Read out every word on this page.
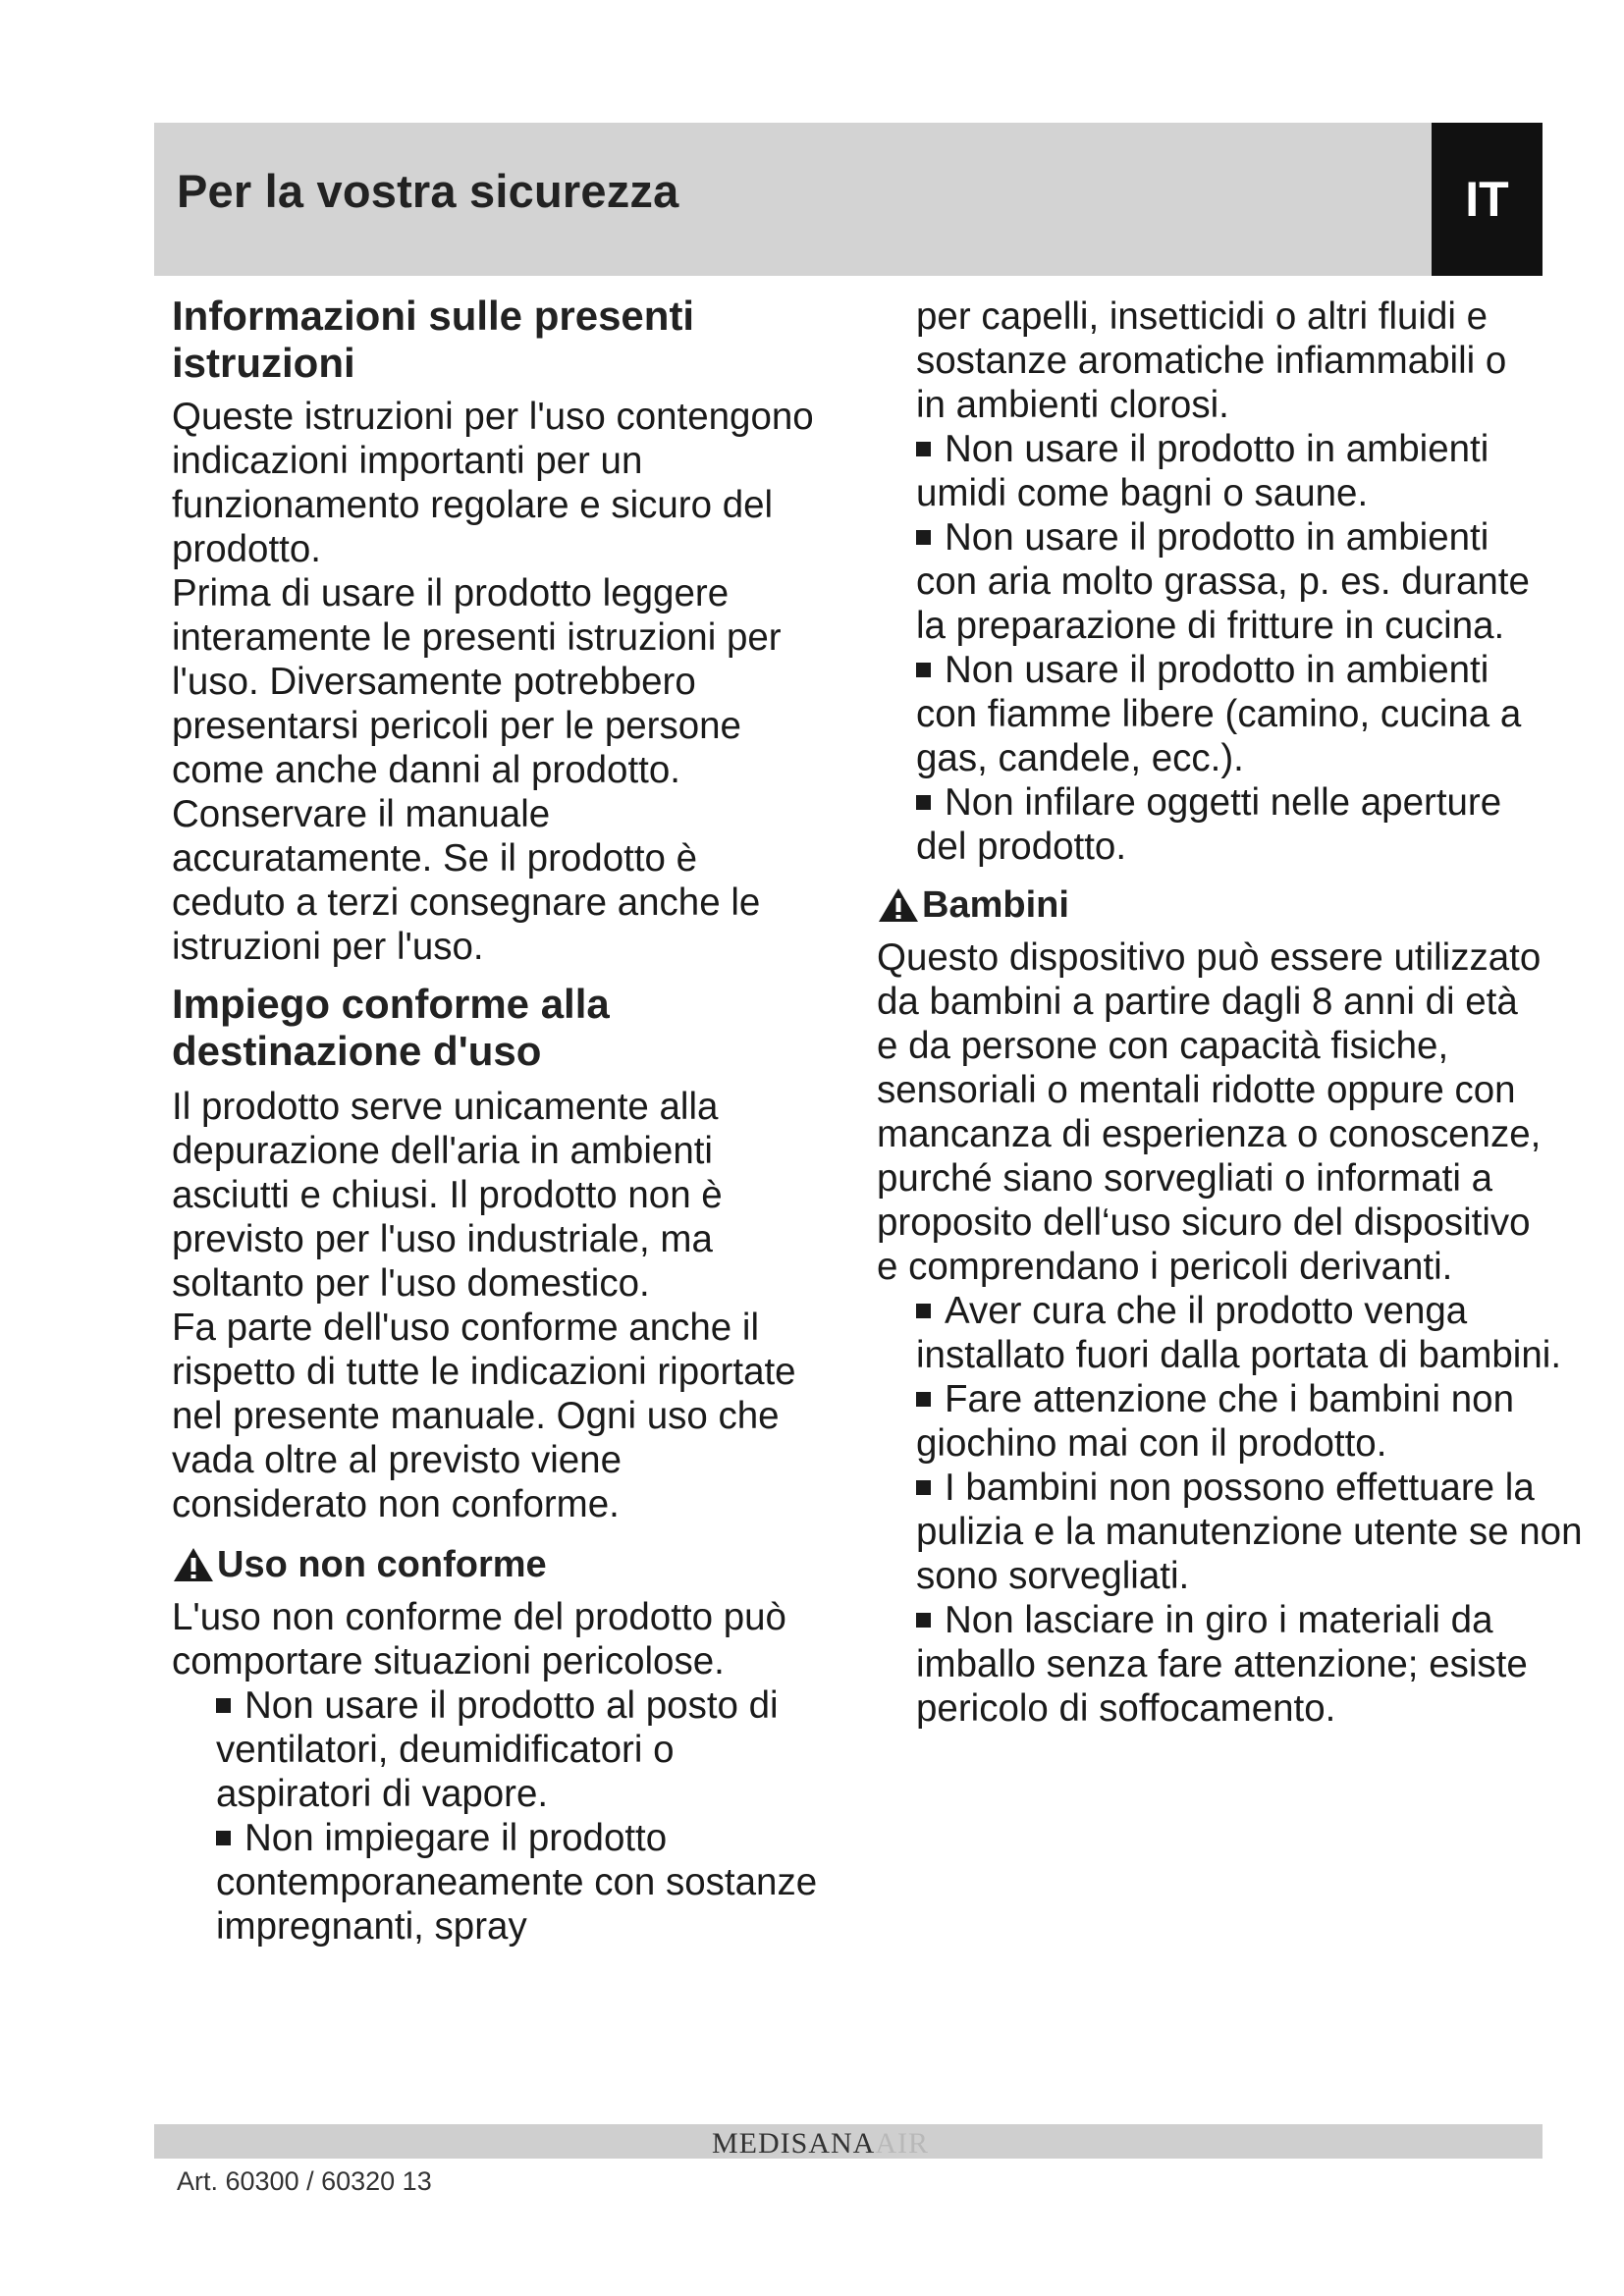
Per la vostra sicurezza	IT
Informazioni sulle presenti istruzioni

Queste istruzioni per l'uso contengono indicazioni importanti per un funzionamento regolare e sicuro del prodotto.

Prima di usare il prodotto leggere interamente le presenti istruzioni per l'uso. Diversamente potrebbero presentarsi pericoli per le persone come anche danni al prodotto.

Conservare il manuale accuratamente. Se il prodotto è ceduto a terzi consegnare anche le istruzioni per l'uso.

Impiego conforme alla destinazione d'uso

Il prodotto serve unicamente alla depurazione dell'aria in ambienti asciutti e chiusi. Il prodotto non è previsto per l'uso industriale, ma soltanto per l'uso domestico.

Fa parte dell'uso conforme anche il rispetto di tutte le indicazioni riportate nel presente manuale. Ogni uso che vada oltre al previsto viene considerato non conforme.

Uso non conforme

L'uso non conforme del prodotto può comportare situazioni pericolose.

Non usare il prodotto al posto di ventilatori, deumidificatori o aspiratori di vapore.
Non impiegare il prodotto contemporaneamente con sostanze impregnanti, spray

per capelli, insetticidi o altri fluidi e sostanze aromatiche infiammabili o in ambienti clorosi.

Non usare il prodotto in ambienti umidi come bagni o saune.
Non usare il prodotto in ambienti con aria molto grassa, p. es. durante la preparazione di fritture in cucina.
Non usare il prodotto in ambienti con fiamme libere (camino, cucina a gas, candele, ecc.).
Non infilare oggetti nelle aperture del prodotto.
Bambini

Questo dispositivo può essere utilizzato da bambini a partire dagli 8 anni di età e da persone con capacità fisiche, sensoriali o mentali ridotte oppure con mancanza di esperienza o conoscenze, purché siano sorvegliati o informati a proposito dell‘uso sicuro del dispositivo e comprendano i pericoli derivanti.

Aver cura che il prodotto venga installato fuori dalla portata di bambini.
Fare attenzione che i bambini non giochino mai con il prodotto.
I bambini non possono effettuare la pulizia e la manutenzione utente se non sono sorvegliati.
Non lasciare in giro i materiali da imballo senza fare attenzione; esiste pericolo di soffocamento.
MEDISANAAIR
Art. 60300 / 60320 13
